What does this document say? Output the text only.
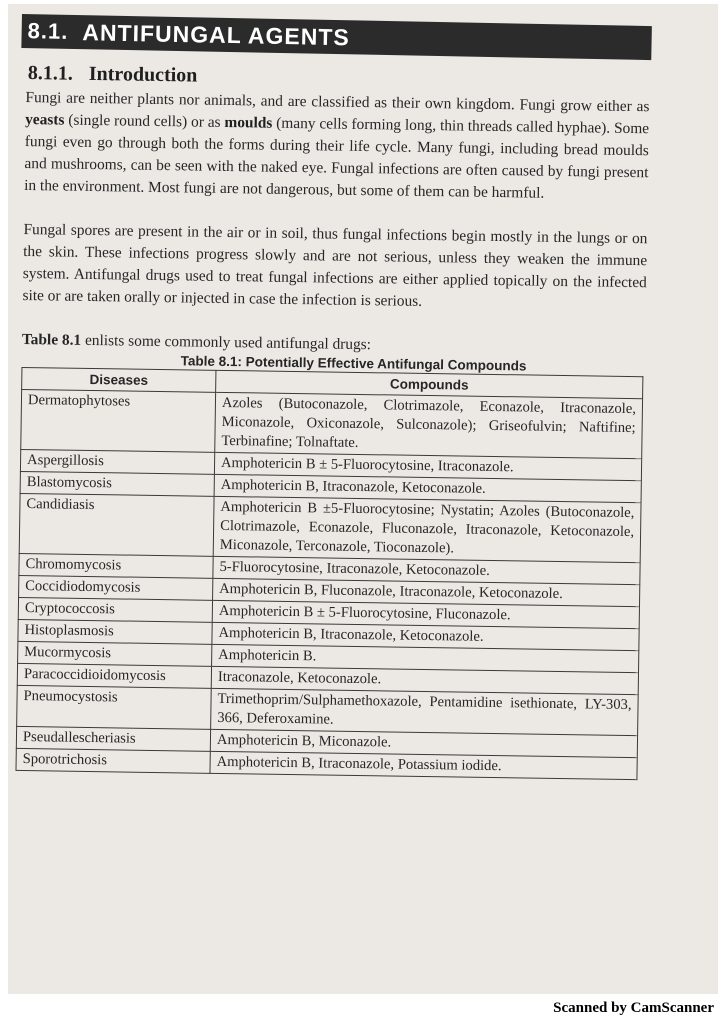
8.1. ANTIFUNGAL AGENTS
8.1.1. Introduction

Fungi are neither plants nor animals, and are classified as their own kingdom. Fungi grow either as yeasts (single round cells) or as moulds (many cells forming long, thin threads called hyphae). Some fungi even go through both the forms during their life cycle. Many fungi, including bread moulds and mushrooms, can be seen with the naked eye. Fungal infections are often caused by fungi present in the environment. Most fungi are not dangerous, but some of them can be harmful.

Fungal spores are present in the air or in soil, thus fungal infections begin mostly in the lungs or on the skin. These infections progress slowly and are not serious, unless they weaken the immune system. Antifungal drugs used to treat fungal infections are either applied topically on the infected site or are taken orally or injected in case the infection is serious.

Table 8.1 enlists some commonly used antifungal drugs:

Table 8.1: Potentially Effective Antifungal Compounds
Diseases	Compounds
Dermatophytoses	Azoles (Butoconazole, Clotrimazole, Econazole, Itraconazole, Miconazole, Oxiconazole, Sulconazole); Griseofulvin; Naftifine; Terbinafine; Tolnaftate.
Aspergillosis	Amphotericin B ± 5-Fluorocytosine, Itraconazole.
Blastomycosis	Amphotericin B, Itraconazole, Ketoconazole.
Candidiasis	Amphotericin B ±5-Fluorocytosine; Nystatin; Azoles (Butoconazole, Clotrimazole, Econazole, Fluconazole, Itraconazole, Ketoconazole, Miconazole, Terconazole, Tioconazole).
Chromomycosis	5-Fluorocytosine, Itraconazole, Ketoconazole.
Coccidiodomycosis	Amphotericin B, Fluconazole, Itraconazole, Ketoconazole.
Cryptococcosis	Amphotericin B ± 5-Fluorocytosine, Fluconazole.
Histoplasmosis	Amphotericin B, Itraconazole, Ketoconazole.
Mucormycosis	Amphotericin B.
Paracoccidioidomycosis	Itraconazole, Ketoconazole.
Pneumocystosis	Trimethoprim/Sulphamethoxazole, Pentamidine isethionate, LY-303, 366, Deferoxamine.
Pseudallescheriasis	Amphotericin B, Miconazole.
Sporotrichosis	Amphotericin B, Itraconazole, Potassium iodide.
Scanned by CamScanner
